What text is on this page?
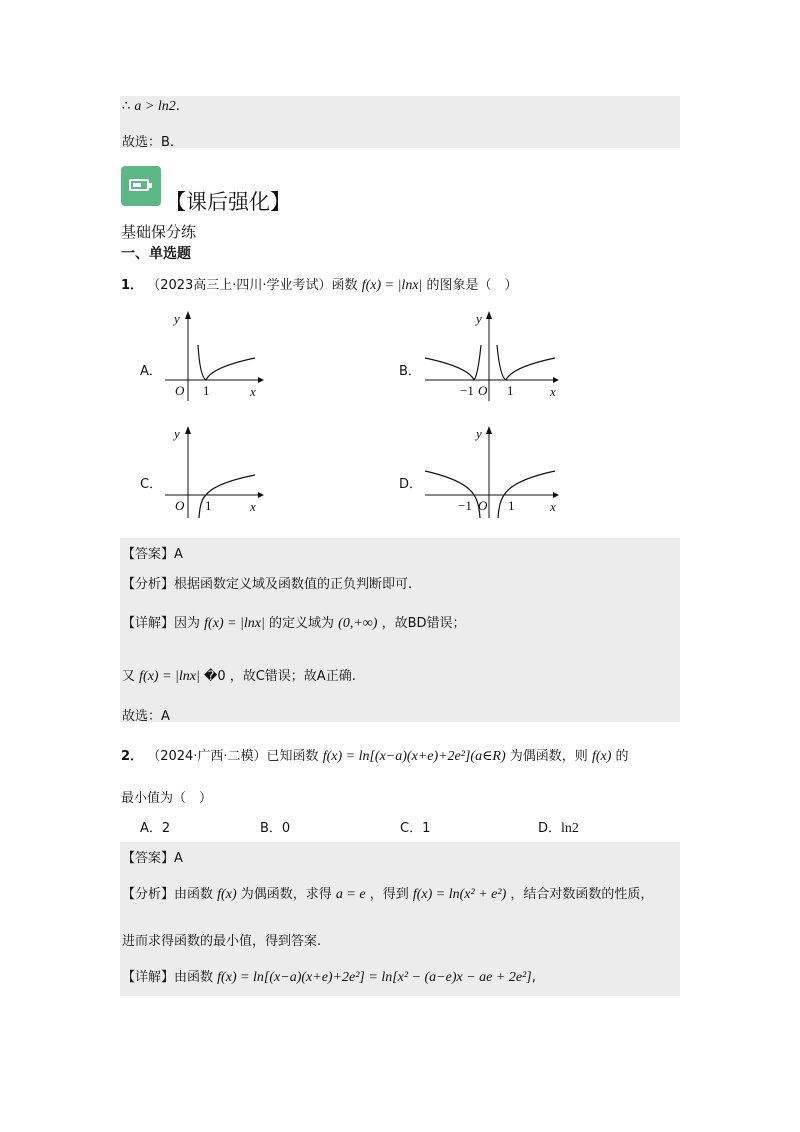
∴ a > ln2.
故选：B.
【课后强化】
基础保分练
一、单选题
1． （2023高三上·四川·学业考试）函数 f(x) = |lnx| 的图象是（　）
A．
y
x
O 1
B．
y
x
−1 O 1
C．
y
x
O 1
D．
y
x
−1 O 1
【答案】A
【分析】根据函数定义域及函数值的正负判断即可.
【详解】因为 f(x) = |lnx| 的定义域为 (0,+∞) ，故BD错误；
又 f(x) = |lnx| �0 ，故C错误；故A正确.
故选：A
2． （2024·广西·二模）已知函数 f(x) = ln[(x−a)(x+e)+2e²](a∈R) 为偶函数，则 f(x) 的
最小值为（　）
A．2	B．0	C．1	D．ln2
【答案】A
【分析】由函数 f(x) 为偶函数，求得 a = e ，得到 f(x) = ln(x² + e²) ，结合对数函数的性质，
进而求得函数的最小值，得到答案.
【详解】由函数 f(x) = ln[(x−a)(x+e)+2e²] = ln[x² − (a−e)x − ae + 2e²],
